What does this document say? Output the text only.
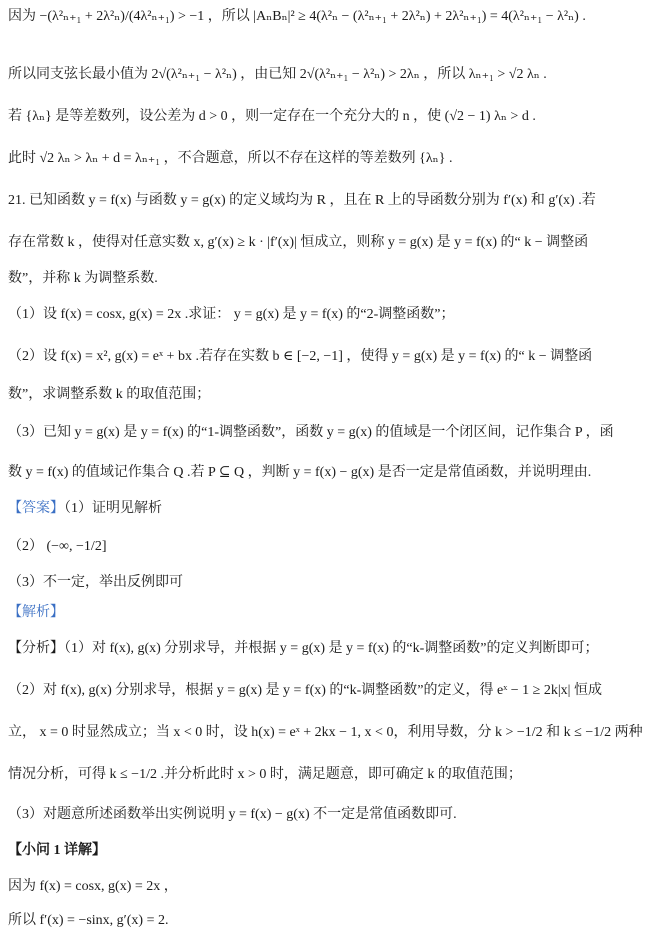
因为 −(λ²ₙ₊₁ + 2λ²ₙ)/(4λ²ₙ₊₁) > −1 ，所以 |AₙBₙ|² ≥ 4(λ²ₙ − (λ²ₙ₊₁ + 2λ²ₙ) + 2λ²ₙ₊₁) = 4(λ²ₙ₊₁ − λ²ₙ) .
所以同支弦长最小值为 2√(λ²ₙ₊₁ − λ²ₙ) ，由已知 2√(λ²ₙ₊₁ − λ²ₙ) > 2λₙ ，所以 λₙ₊₁ > √2 λₙ .
若 {λₙ} 是等差数列，设公差为 d > 0 ，则一定存在一个充分大的 n ，使 (√2 − 1) λₙ > d .
此时 √2 λₙ > λₙ + d = λₙ₊₁ ，不合题意，所以不存在这样的等差数列 {λₙ} .
21. 已知函数 y = f(x) 与函数 y = g(x) 的定义域均为 R ，且在 R 上的导函数分别为 f′(x) 和 g′(x) .若
存在常数 k ，使得对任意实数 x, g′(x) ≥ k · |f′(x)| 恒成立，则称 y = g(x) 是 y = f(x) 的“ k − 调整函
数”，并称 k 为调整系数.
（1）设 f(x) = cosx, g(x) = 2x .求证： y = g(x) 是 y = f(x) 的“2-调整函数”；
（2）设 f(x) = x², g(x) = eˣ + bx .若存在实数 b ∈ [−2, −1] ，使得 y = g(x) 是 y = f(x) 的“ k − 调整函
数”，求调整系数 k 的取值范围；
（3）已知 y = g(x) 是 y = f(x) 的“1-调整函数”，函数 y = g(x) 的值域是一个闭区间，记作集合 P ，函
数 y = f(x) 的值域记作集合 Q .若 P ⊆ Q ，判断 y = f(x) − g(x) 是否一定是常值函数，并说明理由.
【答案】（1）证明见解析
（2） (−∞, −1/2]
（3）不一定，举出反例即可
【解析】
【分析】（1）对 f(x), g(x) 分别求导，并根据 y = g(x) 是 y = f(x) 的“k-调整函数”的定义判断即可；
（2）对 f(x), g(x) 分别求导，根据 y = g(x) 是 y = f(x) 的“k-调整函数”的定义，得 eˣ − 1 ≥ 2k|x| 恒成
立， x = 0 时显然成立；当 x < 0 时，设 h(x) = eˣ + 2kx − 1, x < 0，利用导数，分 k > −1/2 和 k ≤ −1/2 两种
情况分析，可得 k ≤ −1/2 .并分析此时 x > 0 时，满足题意，即可确定 k 的取值范围；
（3）对题意所述函数举出实例说明 y = f(x) − g(x) 不一定是常值函数即可.
【小问 1 详解】
因为 f(x) = cosx, g(x) = 2x ，
所以 f′(x) = −sinx, g′(x) = 2.
